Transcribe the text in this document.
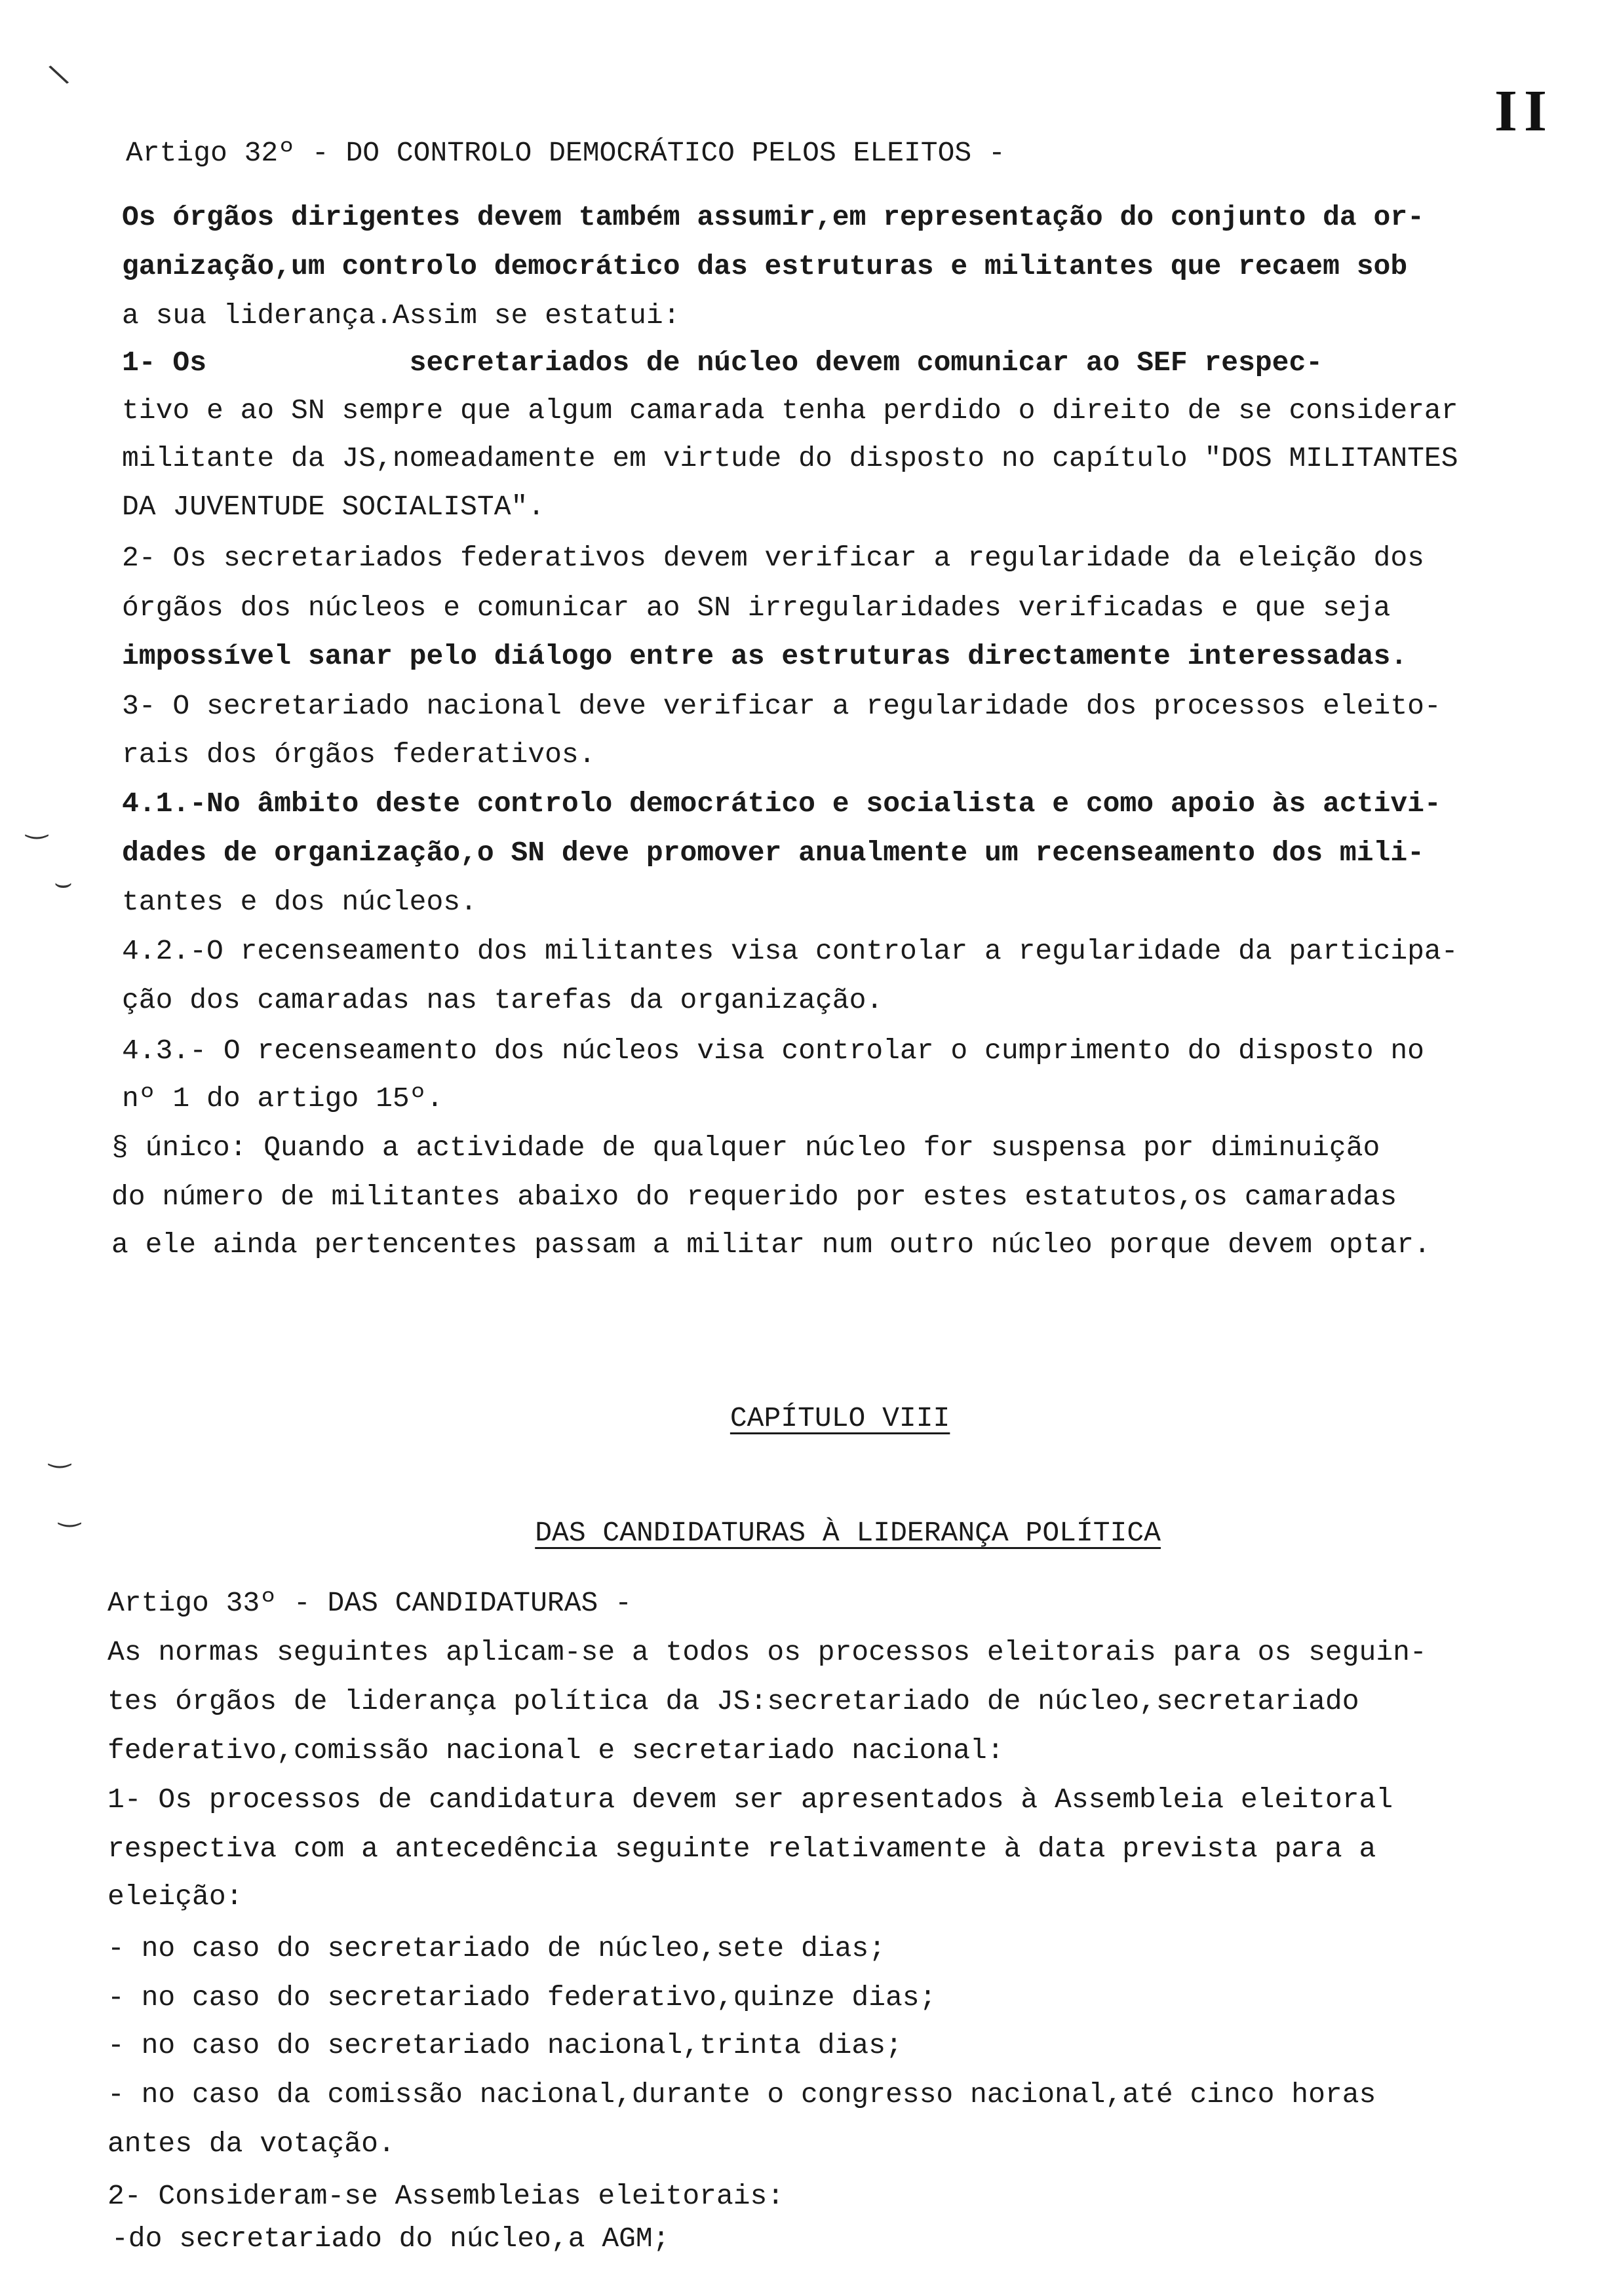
II
\
‿
⌣
‿
‿
Artigo 32º - DO CONTROLO DEMOCRÁTICO PELOS ELEITOS -
Os órgãos dirigentes devem também assumir,em representação do conjunto da or-
ganização,um controlo democrático das estruturas e militantes que recaem sob
a sua liderança.Assim se estatui:
1- Os            secretariados de núcleo devem comunicar ao SEF respec-
tivo e ao SN sempre que algum camarada tenha perdido o direito de se considerar
militante da JS,nomeadamente em virtude do disposto no capítulo "DOS MILITANTES
DA JUVENTUDE SOCIALISTA".
2- Os secretariados federativos devem verificar a regularidade da eleição dos
órgãos dos núcleos e comunicar ao SN irregularidades verificadas e que seja
impossível sanar pelo diálogo entre as estruturas directamente interessadas.
3- O secretariado nacional deve verificar a regularidade dos processos eleito-
rais dos órgãos federativos.
4.1.-No âmbito deste controlo democrático e socialista e como apoio às activi-
dades de organização,o SN deve promover anualmente um recenseamento dos mili-
tantes e dos núcleos.
4.2.-O recenseamento dos militantes visa controlar a regularidade da participa-
ção dos camaradas nas tarefas da organização.
4.3.- O recenseamento dos núcleos visa controlar o cumprimento do disposto no
nº 1 do artigo 15º.
§ único: Quando a actividade de qualquer núcleo for suspensa por diminuição
do número de militantes abaixo do requerido por estes estatutos,os camaradas
a ele ainda pertencentes passam a militar num outro núcleo porque devem optar.

CAPÍTULO VIII

DAS CANDIDATURAS À LIDERANÇA POLÍTICA

Artigo 33º - DAS CANDIDATURAS -
As normas seguintes aplicam-se a todos os processos eleitorais para os seguin-
tes órgãos de liderança política da JS:secretariado de núcleo,secretariado
federativo,comissão nacional e secretariado nacional:
1- Os processos de candidatura devem ser apresentados à Assembleia eleitoral
respectiva com a antecedência seguinte relativamente à data prevista para a
eleição:
- no caso do secretariado de núcleo,sete dias;
- no caso do secretariado federativo,quinze dias;
- no caso do secretariado nacional,trinta dias;
- no caso da comissão nacional,durante o congresso nacional,até cinco horas
antes da votação.
2- Consideram-se Assembleias eleitorais:
-do secretariado do núcleo,a AGM;
